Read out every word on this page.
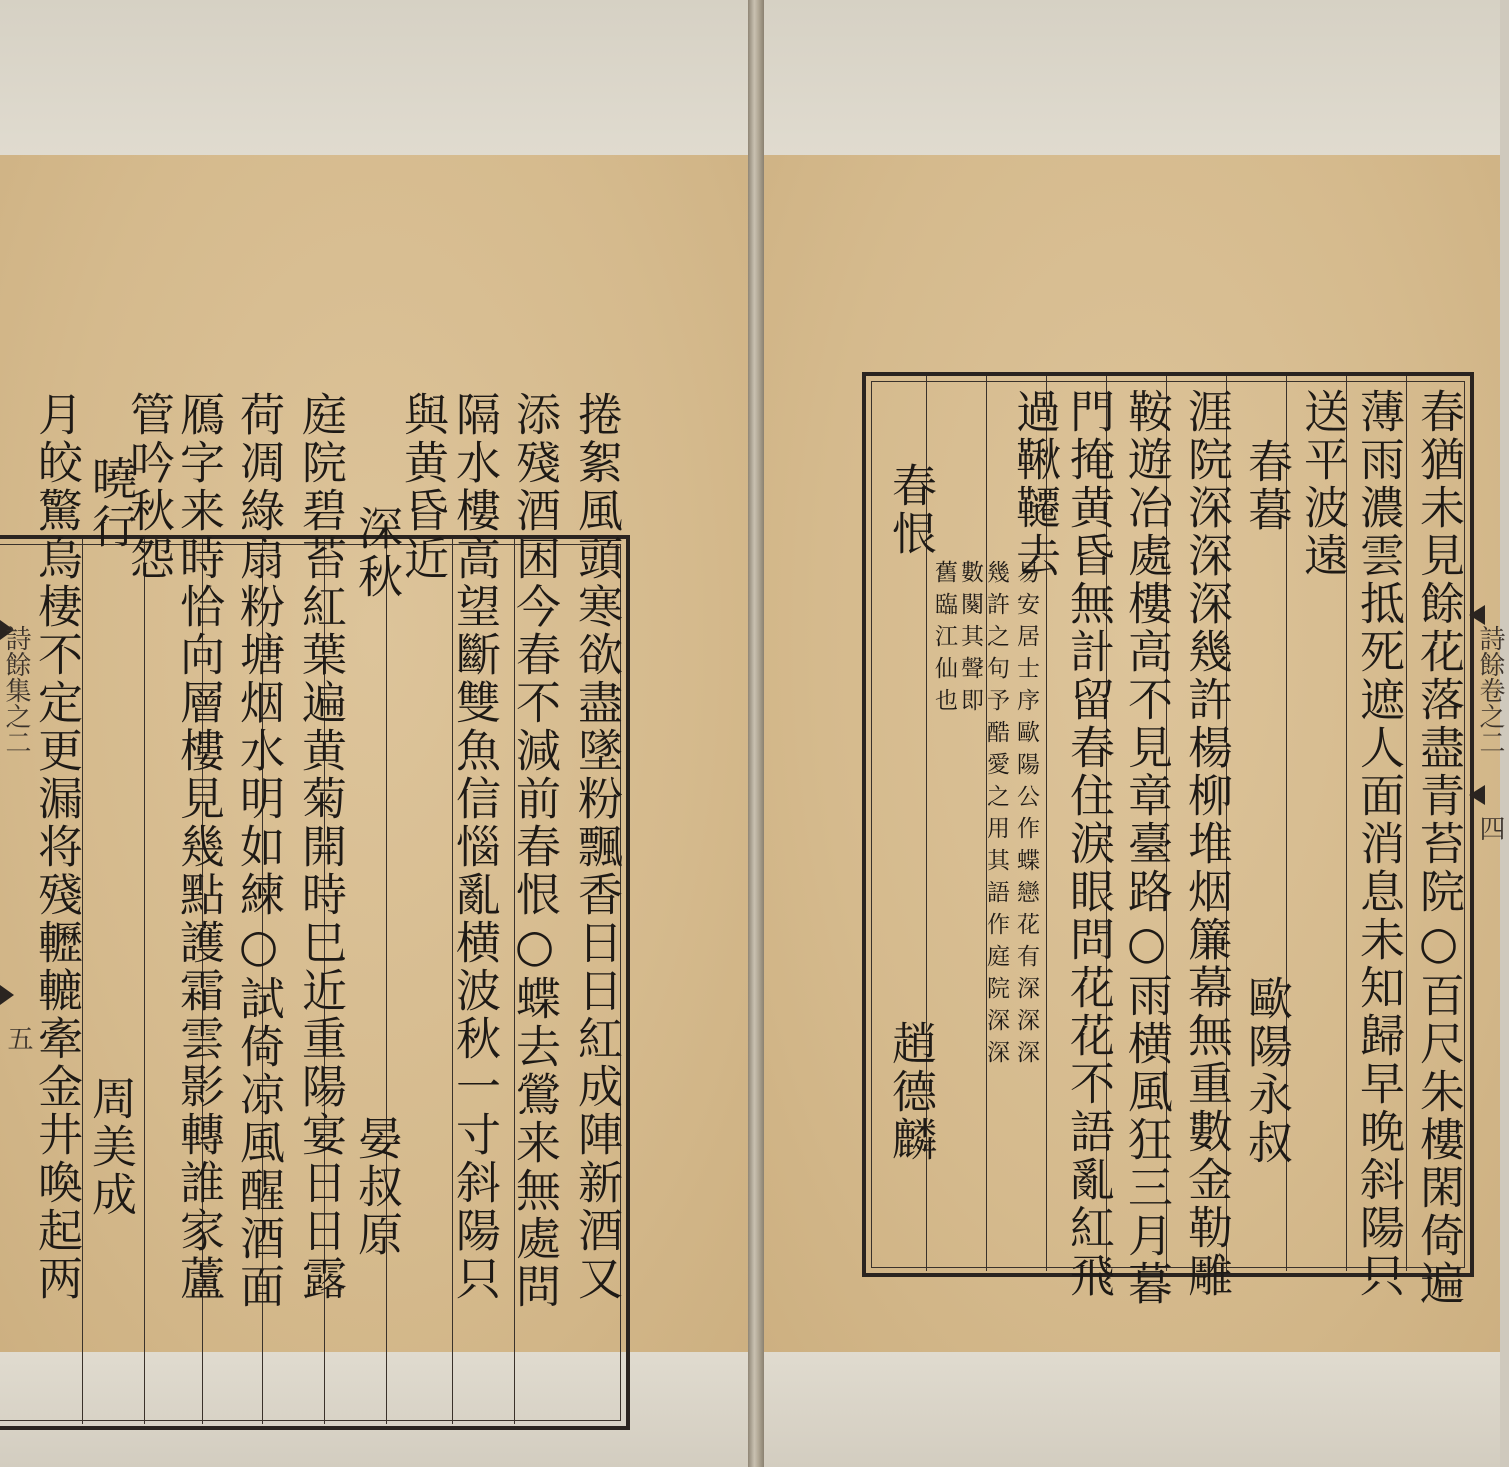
捲絮風頭寒欲盡墜粉飄香日日紅成陣新酒又
添殘酒困今春不減前春恨○蝶去鶯来無處問
隔水樓高望斷雙魚信惱亂横波秋一寸斜陽只
與黄昏近
深秋
晏叔原
庭院碧苔紅葉遍黄菊開時巳近重陽宴日日露
荷凋綠扇粉塘烟水明如練○試倚凉風醒酒面
鴈字来時恰向層樓見幾點護霜雲影轉誰家蘆
管吟秋怨
曉行
周美成
月皎驚烏棲不定更漏将殘轣轆牽金井喚起两
詩餘集之二
五
詩餘卷之二
四
春猶未見餘花落盡青苔院○百尺朱樓閑倚遍
薄雨濃雲抵死遮人面消息未知歸早晚斜陽只
送平波遠
春暮
歐陽永叔
涯院深深深幾許楊柳堆烟簾幕無重數金勒雕
鞍遊冶處樓高不見章臺路○雨横風狂三月暮
門掩黄昏無計留春住淚眼問花花不語亂紅飛
過鞦韆去
易安居士序歐陽公作蝶戀花有深深深
幾許之句予酷愛之用其語作庭院深深
數闋其聲即
舊臨江仙也
春恨
趙德麟
